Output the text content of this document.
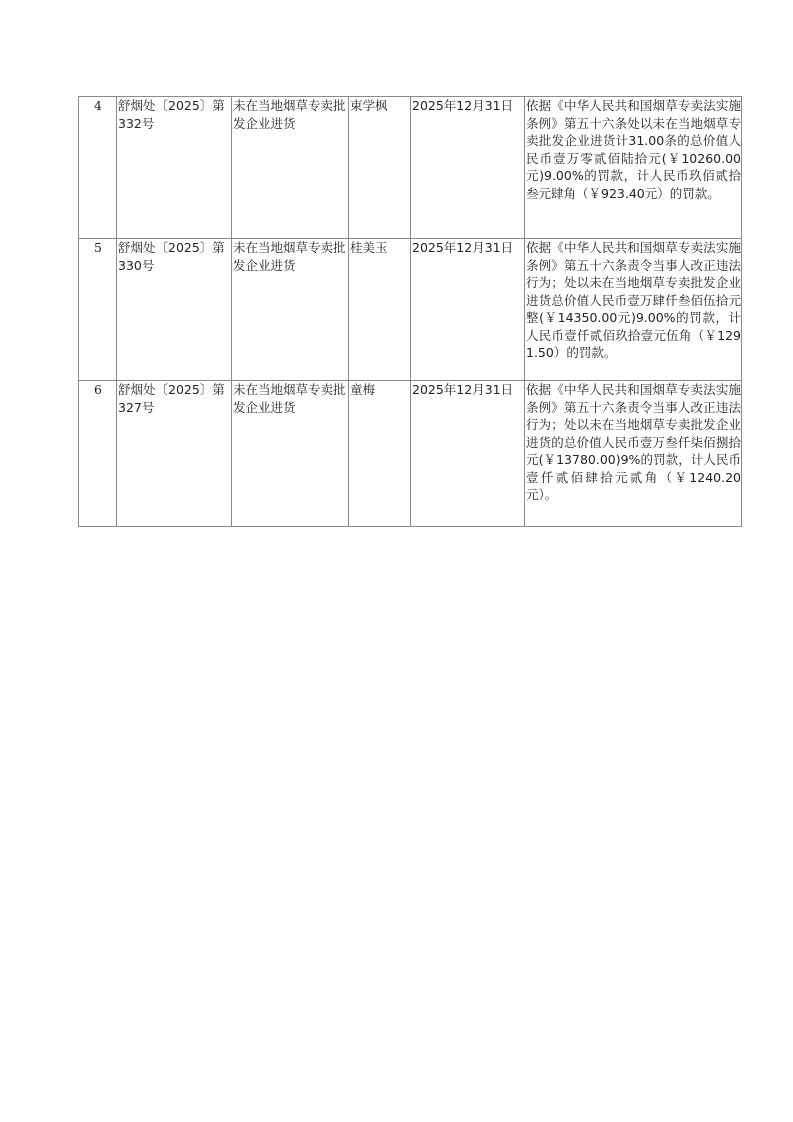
4	舒烟处〔2025〕第332号	未在当地烟草专卖批发企业进货	束学枫	2025年12月31日	依据《中华人民共和国烟草专卖法实施条例》第五十六条处以未在当地烟草专卖批发企业进货计31.00条的总价值人民币壹万零贰佰陆拾元(￥10260.00元)9.00%的罚款，计人民币玖佰贰拾叁元肆角（￥923.40元）的罚款。
5	舒烟处〔2025〕第330号	未在当地烟草专卖批发企业进货	桂美玉	2025年12月31日	依据《中华人民共和国烟草专卖法实施条例》第五十六条责令当事人改正违法行为；处以未在当地烟草专卖批发企业进货总价值人民币壹万肆仟叁佰伍拾元整(￥14350.00元)9.00%的罚款，计人民币壹仟贰佰玖拾壹元伍角（￥1291.50）的罚款。
6	舒烟处〔2025〕第327号	未在当地烟草专卖批发企业进货	童梅	2025年12月31日	依据《中华人民共和国烟草专卖法实施条例》第五十六条责令当事人改正违法行为；处以未在当地烟草专卖批发企业进货的总价值人民币壹万叁仟柒佰捌拾元(￥13780.00)9%的罚款，计人民币壹仟贰佰肆拾元贰角（￥1240.20元）。
